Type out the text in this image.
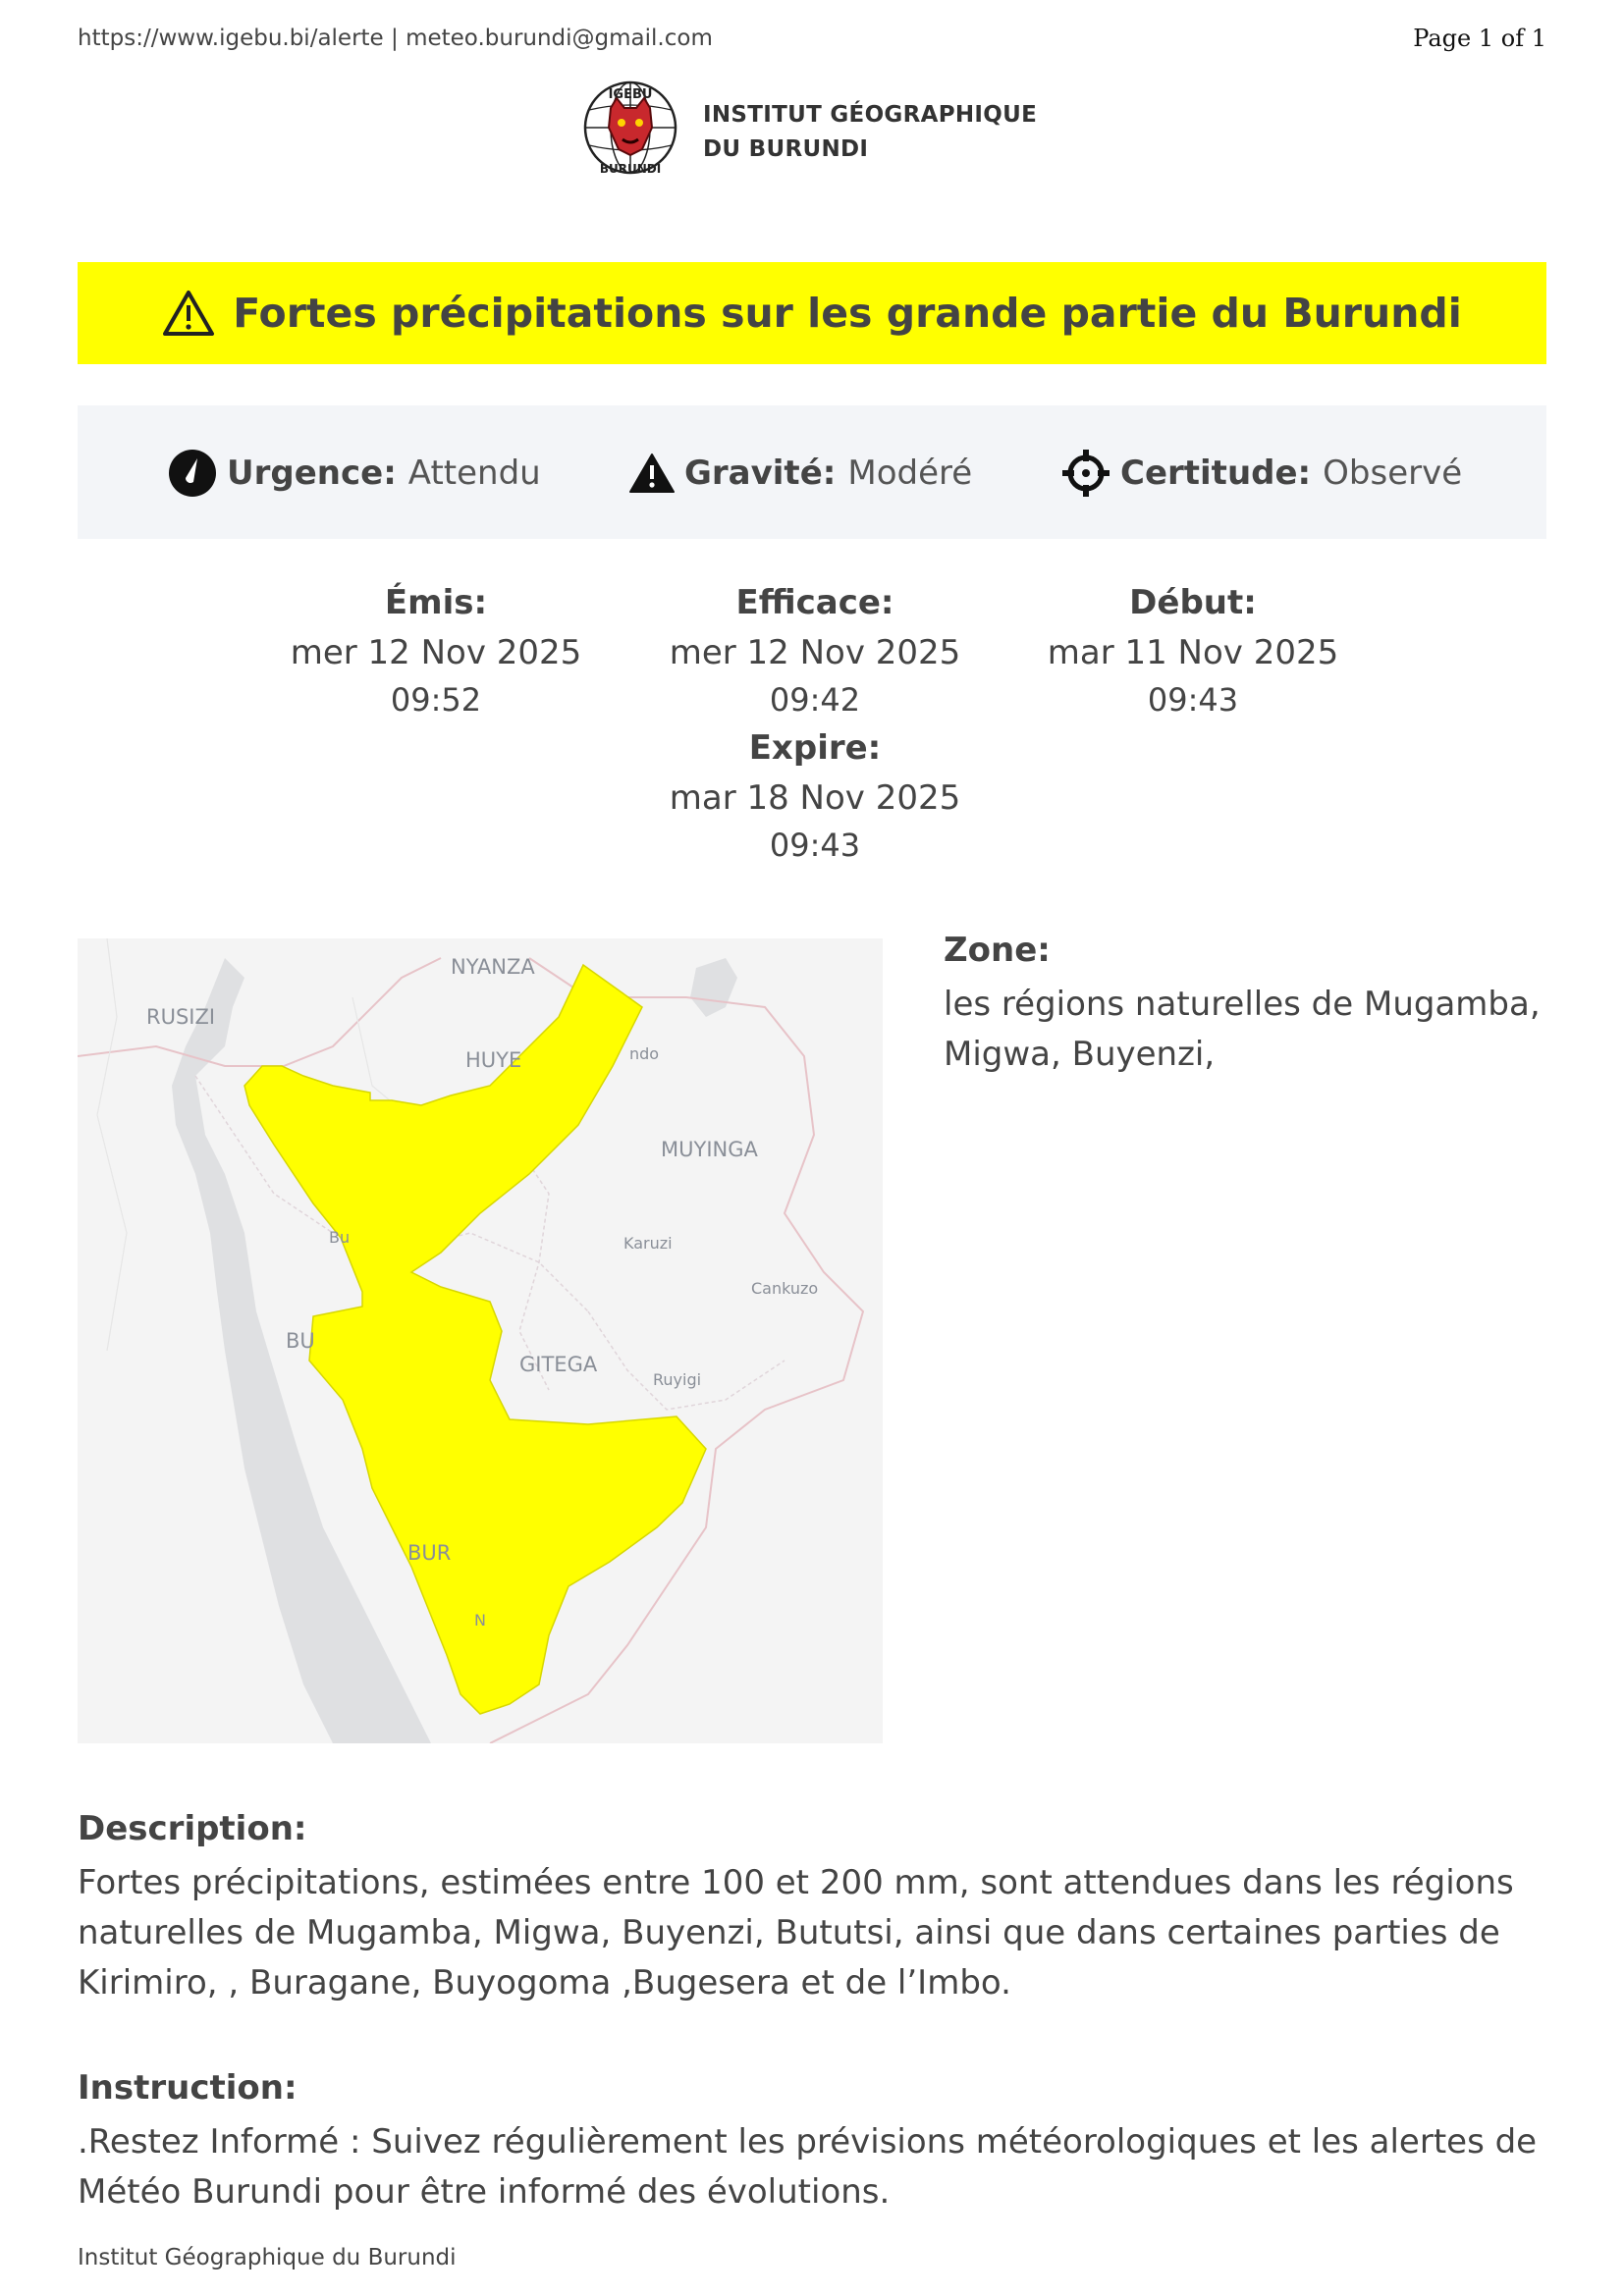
https://www.igebu.bi/alerte | meteo.burundi@gmail.com	Page 1 of 1
IGEBU
BURUNDI
INSTITUT GÉOGRAPHIQUE
DU BURUNDI
Fortes précipitations sur les grande partie du Burundi
Urgence: Attendu	Gravité: Modéré	Certitude: Observé
Émis:
mer 12 Nov 2025
09:52
Efficace:
mer 12 Nov 2025
09:42
Début:
mar 11 Nov 2025
09:43
Expire:
mar 18 Nov 2025
09:43
RUSIZI
NYANZA
HUYE	ndo
MUYINGA
Karuzi
Cankuzo
GITEGA
Ruyigi
Bu
BU
BUR
N
Zone:
les régions naturelles de Mugamba, Migwa, Buyenzi,
Description:
Fortes précipitations, estimées entre 100 et 200 mm, sont attendues dans les régions naturelles de Mugamba, Migwa, Buyenzi, Bututsi, ainsi que dans certaines parties de Kirimiro, , Buragane, Buyogoma ,Bugesera et de l’Imbo.
Instruction:
.Restez Informé : Suivez régulièrement les prévisions météorologiques et les alertes de Météo Burundi pour être informé des évolutions.
Institut Géographique du Burundi
